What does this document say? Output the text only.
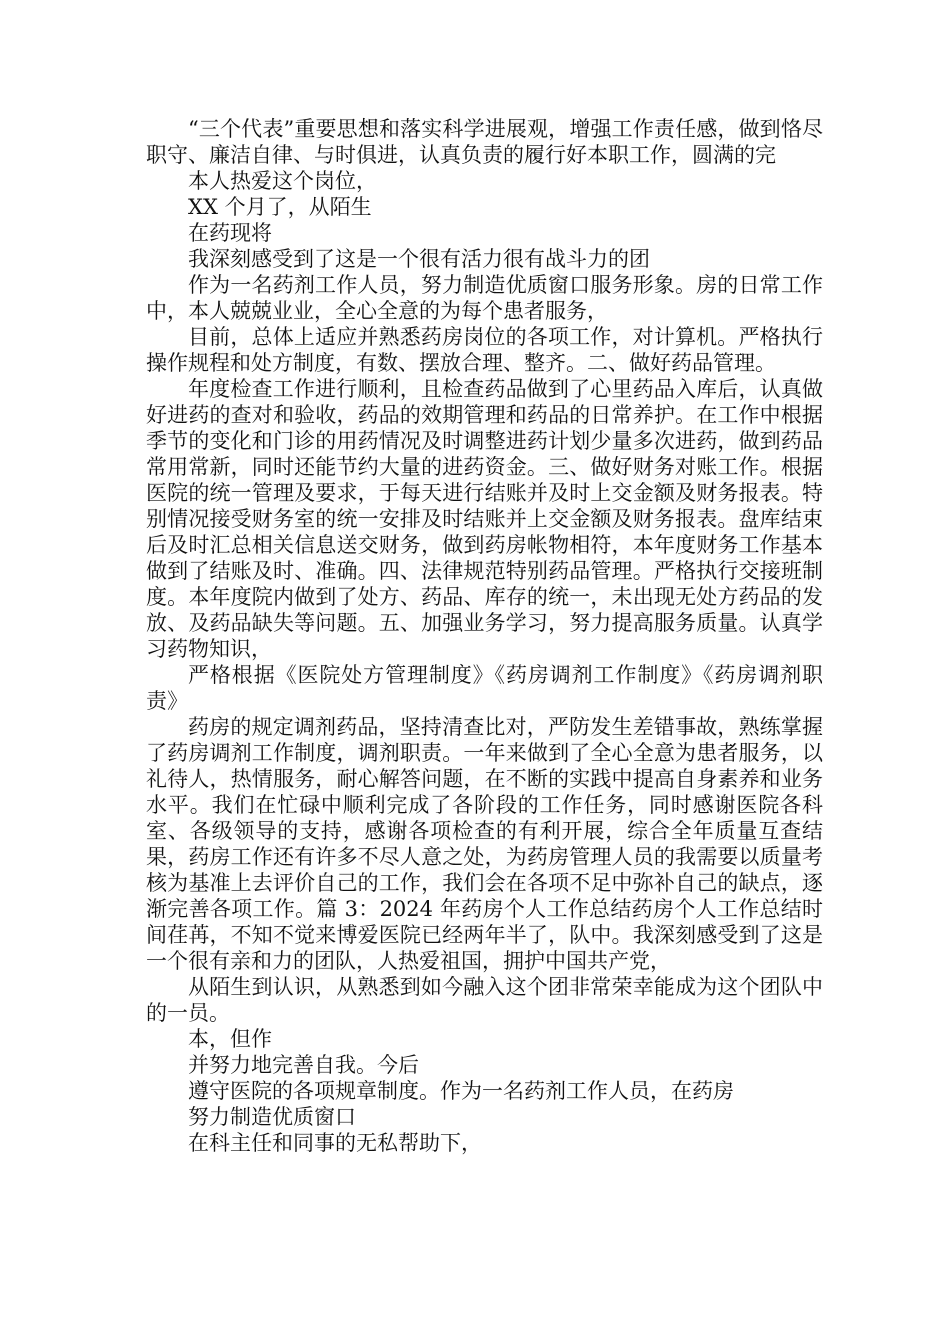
“三个代表”重要思想和落实科学进展观，增强工作责任感，做到恪尽职守、廉洁自律、与时俱进，认真负责的履行好本职工作，圆满的完

本人热爱这个岗位，

XX 个月了，从陌生

在药现将

我深刻感受到了这是一个很有活力很有战斗力的团

作为一名药剂工作人员，努力制造优质窗口服务形象。房的日常工作中，本人兢兢业业，全心全意的为每个患者服务，

目前，总体上适应并熟悉药房岗位的各项工作，对计算机。严格执行操作规程和处方制度，有数、摆放合理、整齐。二、做好药品管理。

年度检查工作进行顺利，且检查药品做到了心里药品入库后，认真做好进药的查对和验收，药品的效期管理和药品的日常养护。在工作中根据季节的变化和门诊的用药情况及时调整进药计划少量多次进药，做到药品常用常新，同时还能节约大量的进药资金。三、做好财务对账工作。根据医院的统一管理及要求，于每天进行结账并及时上交金额及财务报表。特别情况接受财务室的统一安排及时结账并上交金额及财务报表。盘库结束后及时汇总相关信息送交财务，做到药房帐物相符，本年度财务工作基本做到了结账及时、准确。四、法律规范特别药品管理。严格执行交接班制度。本年度院内做到了处方、药品、库存的统一，未出现无处方药品的发放、及药品缺失等问题。五、加强业务学习，努力提高服务质量。认真学习药物知识，

严格根据《医院处方管理制度》《药房调剂工作制度》《药房调剂职责》

药房的规定调剂药品，坚持清查比对，严防发生差错事故，熟练掌握了药房调剂工作制度，调剂职责。一年来做到了全心全意为患者服务，以礼待人，热情服务，耐心解答问题，在不断的实践中提高自身素养和业务水平。我们在忙碌中顺利完成了各阶段的工作任务，同时感谢医院各科室、各级领导的支持，感谢各项检查的有利开展，综合全年质量互查结果，药房工作还有许多不尽人意之处，为药房管理人员的我需要以质量考核为基准上去评价自己的工作，我们会在各项不足中弥补自己的缺点，逐渐完善各项工作。篇 3：2024 年药房个人工作总结药房个人工作总结时间荏苒，不知不觉来博爱医院已经两年半了，队中。我深刻感受到了这是一个很有亲和力的团队，人热爱祖国，拥护中国共产党，

从陌生到认识，从熟悉到如今融入这个团非常荣幸能成为这个团队中的一员。

本，但作

并努力地完善自我。今后

遵守医院的各项规章制度。作为一名药剂工作人员，在药房

努力制造优质窗口

在科主任和同事的无私帮助下，
